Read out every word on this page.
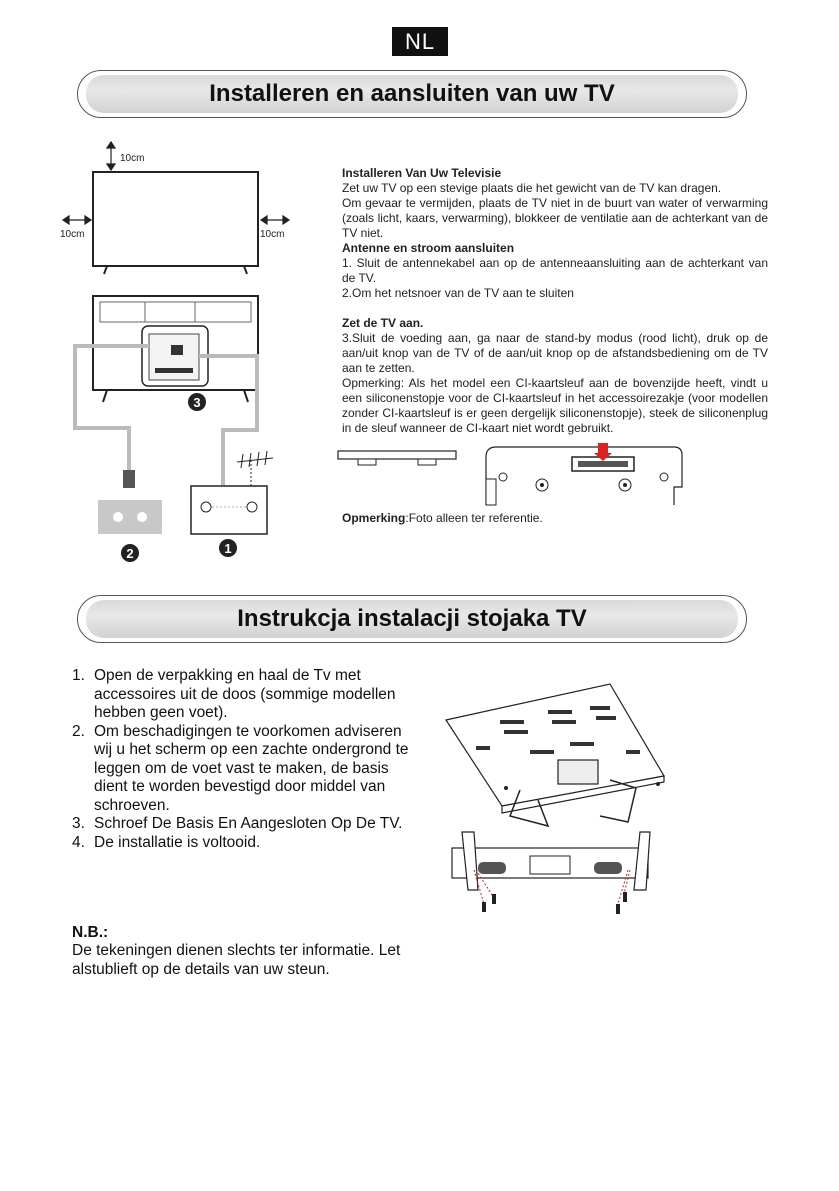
NL
Installeren en aansluiten van uw TV
10cm
10cm	10cm
3
2	1

Installeren Van Uw Televisie

Zet uw TV op een stevige plaats die het gewicht van de TV kan dragen.

Om gevaar te vermijden, plaats de TV niet in de buurt van water of verwarming (zoals licht, kaars, verwarming), blokkeer de ventilatie aan de achterkant van de TV niet.

Antenne en stroom aansluiten

1. Sluit de antennekabel aan op de antenneaansluiting aan de achterkant van de TV.

2.Om het netsnoer van de TV aan te sluiten

Zet de TV aan.

3.Sluit de voeding aan, ga naar de stand-by modus (rood licht), druk op de aan/uit knop van de TV of de aan/uit knop op de afstandsbediening om de TV aan te zetten.

Opmerking: Als het model een CI-kaartsleuf aan de bovenzijde heeft, vindt u een siliconenstopje voor de CI-kaartsleuf in het accessoirezakje (voor modellen zonder CI-kaartsleuf is er geen dergelijk siliconenstopje), steek de siliconenplug in de sleuf wanneer de CI-kaart niet wordt gebruikt.

Opmerking:Foto alleen ter referentie.

Instrukcja instalacji stojaka TV
1. Open de verpakking en haal de Tv met accessoires uit de doos (sommige modellen hebben geen voet).
2. Om beschadigingen te voorkomen adviseren wij u het scherm op een zachte ondergrond te leggen om de voet vast te maken, de basis dient te worden bevestigd door middel van schroeven.
3. Schroef De Basis En Aangesloten Op De TV.
4. De installatie is voltooid.
N.B.:
De tekeningen dienen slechts ter informatie. Let alstublieft op de details van uw steun.
